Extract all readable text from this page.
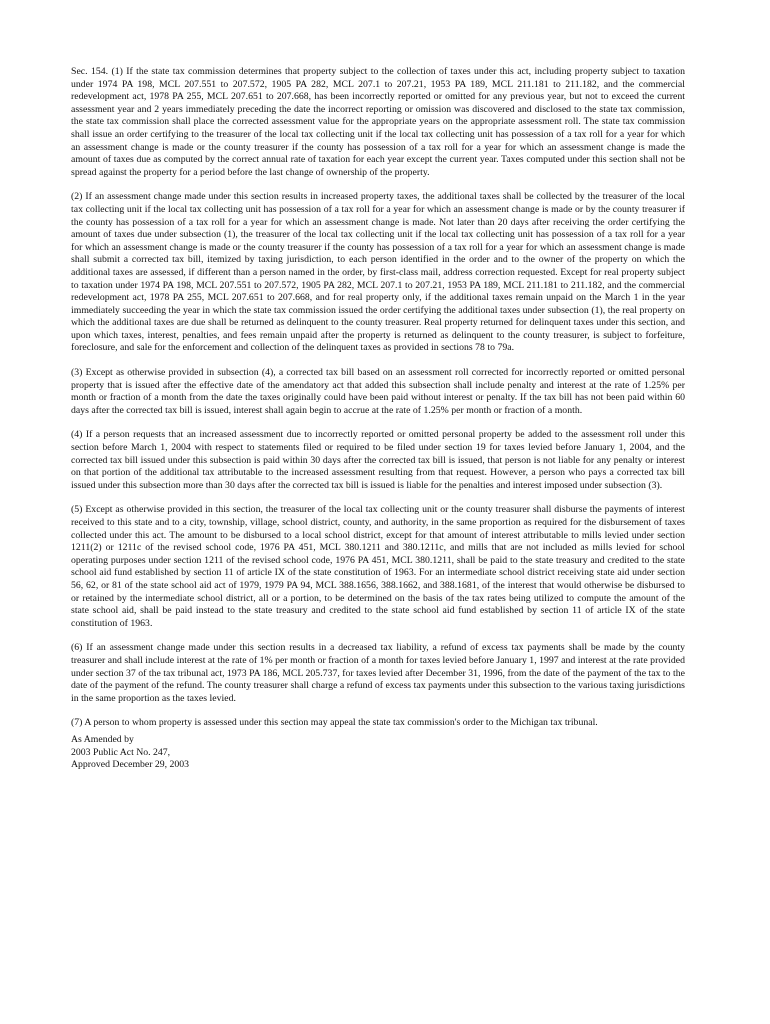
Sec. 154. (1) If the state tax commission determines that property subject to the collection of taxes under this act, including property subject to taxation under 1974 PA 198, MCL 207.551 to 207.572, 1905 PA 282, MCL 207.1 to 207.21, 1953 PA 189, MCL 211.181 to 211.182, and the commercial redevelopment act, 1978 PA 255, MCL 207.651 to 207.668, has been incorrectly reported or omitted for any previous year, but not to exceed the current assessment year and 2 years immediately preceding the date the incorrect reporting or omission was discovered and disclosed to the state tax commission, the state tax commission shall place the corrected assessment value for the appropriate years on the appropriate assessment roll. The state tax commission shall issue an order certifying to the treasurer of the local tax collecting unit if the local tax collecting unit has possession of a tax roll for a year for which an assessment change is made or the county treasurer if the county has possession of a tax roll for a year for which an assessment change is made the amount of taxes due as computed by the correct annual rate of taxation for each year except the current year. Taxes computed under this section shall not be spread against the property for a period before the last change of ownership of the property.

(2) If an assessment change made under this section results in increased property taxes, the additional taxes shall be collected by the treasurer of the local tax collecting unit if the local tax collecting unit has possession of a tax roll for a year for which an assessment change is made or by the county treasurer if the county has possession of a tax roll for a year for which an assessment change is made. Not later than 20 days after receiving the order certifying the amount of taxes due under subsection (1), the treasurer of the local tax collecting unit if the local tax collecting unit has possession of a tax roll for a year for which an assessment change is made or the county treasurer if the county has possession of a tax roll for a year for which an assessment change is made shall submit a corrected tax bill, itemized by taxing jurisdiction, to each person identified in the order and to the owner of the property on which the additional taxes are assessed, if different than a person named in the order, by first-class mail, address correction requested. Except for real property subject to taxation under 1974 PA 198, MCL 207.551 to 207.572, 1905 PA 282, MCL 207.1 to 207.21, 1953 PA 189, MCL 211.181 to 211.182, and the commercial redevelopment act, 1978 PA 255, MCL 207.651 to 207.668, and for real property only, if the additional taxes remain unpaid on the March 1 in the year immediately succeeding the year in which the state tax commission issued the order certifying the additional taxes under subsection (1), the real property on which the additional taxes are due shall be returned as delinquent to the county treasurer. Real property returned for delinquent taxes under this section, and upon which taxes, interest, penalties, and fees remain unpaid after the property is returned as delinquent to the county treasurer, is subject to forfeiture, foreclosure, and sale for the enforcement and collection of the delinquent taxes as provided in sections 78 to 79a.

(3) Except as otherwise provided in subsection (4), a corrected tax bill based on an assessment roll corrected for incorrectly reported or omitted personal property that is issued after the effective date of the amendatory act that added this subsection shall include penalty and interest at the rate of 1.25% per month or fraction of a month from the date the taxes originally could have been paid without interest or penalty. If the tax bill has not been paid within 60 days after the corrected tax bill is issued, interest shall again begin to accrue at the rate of 1.25% per month or fraction of a month.

(4) If a person requests that an increased assessment due to incorrectly reported or omitted personal property be added to the assessment roll under this section before March 1, 2004 with respect to statements filed or required to be filed under section 19 for taxes levied before January 1, 2004, and the corrected tax bill issued under this subsection is paid within 30 days after the corrected tax bill is issued, that person is not liable for any penalty or interest on that portion of the additional tax attributable to the increased assessment resulting from that request. However, a person who pays a corrected tax bill issued under this subsection more than 30 days after the corrected tax bill is issued is liable for the penalties and interest imposed under subsection (3).

(5) Except as otherwise provided in this section, the treasurer of the local tax collecting unit or the county treasurer shall disburse the payments of interest received to this state and to a city, township, village, school district, county, and authority, in the same proportion as required for the disbursement of taxes collected under this act. The amount to be disbursed to a local school district, except for that amount of interest attributable to mills levied under section 1211(2) or 1211c of the revised school code, 1976 PA 451, MCL 380.1211 and 380.1211c, and mills that are not included as mills levied for school operating purposes under section 1211 of the revised school code, 1976 PA 451, MCL 380.1211, shall be paid to the state treasury and credited to the state school aid fund established by section 11 of article IX of the state constitution of 1963. For an intermediate school district receiving state aid under section 56, 62, or 81 of the state school aid act of 1979, 1979 PA 94, MCL 388.1656, 388.1662, and 388.1681, of the interest that would otherwise be disbursed to or retained by the intermediate school district, all or a portion, to be determined on the basis of the tax rates being utilized to compute the amount of the state school aid, shall be paid instead to the state treasury and credited to the state school aid fund established by section 11 of article IX of the state constitution of 1963.

(6) If an assessment change made under this section results in a decreased tax liability, a refund of excess tax payments shall be made by the county treasurer and shall include interest at the rate of 1% per month or fraction of a month for taxes levied before January 1, 1997 and interest at the rate provided under section 37 of the tax tribunal act, 1973 PA 186, MCL 205.737, for taxes levied after December 31, 1996, from the date of the payment of the tax to the date of the payment of the refund. The county treasurer shall charge a refund of excess tax payments under this subsection to the various taxing jurisdictions in the same proportion as the taxes levied.

(7) A person to whom property is assessed under this section may appeal the state tax commission's order to the Michigan tax tribunal.

As Amended by
2003 Public Act No. 247,
Approved December 29, 2003
